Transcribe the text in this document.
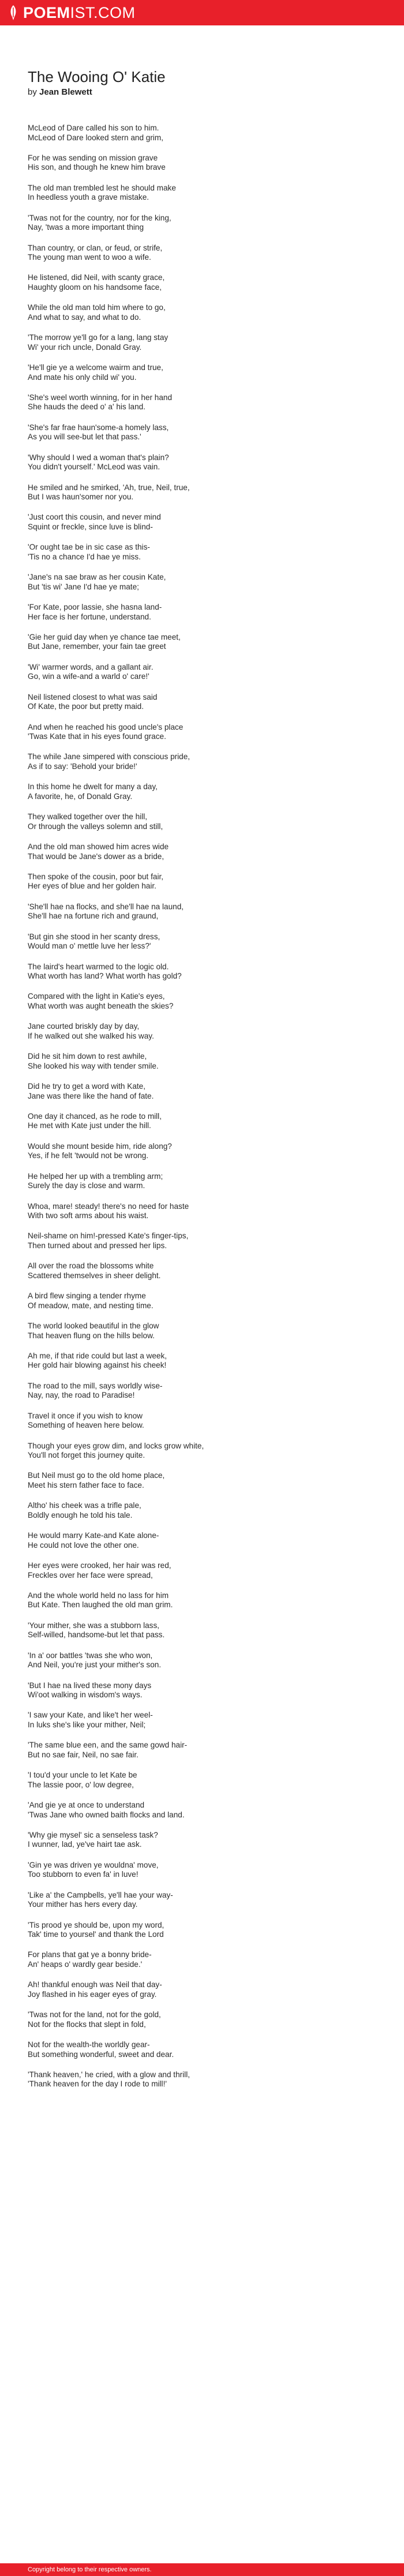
POEMIST.COM
The Wooing O' Katie
by Jean Blewett
McLeod of Dare called his son to him.
McLeod of Dare looked stern and grim,
For he was sending on mission grave
His son, and though he knew him brave
The old man trembled lest he should make
In heedless youth a grave mistake.
'Twas not for the country, nor for the king,
Nay, 'twas a more important thing
Than country, or clan, or feud, or strife,
The young man went to woo a wife.
He listened, did Neil, with scanty grace,
Haughty gloom on his handsome face,
While the old man told him where to go,
And what to say, and what to do.
'The morrow ye'll go for a lang, lang stay
Wi' your rich uncle, Donald Gray.
'He'll gie ye a welcome wairm and true,
And mate his only child wi' you.
'She's weel worth winning, for in her hand
She hauds the deed o' a' his land.
'She's far frae haun'some-a homely lass,
As you will see-but let that pass.'
'Why should I wed a woman that's plain?
You didn't yourself.' McLeod was vain.
He smiled and he smirked, 'Ah, true, Neil, true,
But I was haun'somer nor you.
'Just coort this cousin, and never mind
Squint or freckle, since luve is blind-
'Or ought tae be in sic case as this-
'Tis no a chance I'd hae ye miss.
'Jane's na sae braw as her cousin Kate,
But 'tis wi' Jane I'd hae ye mate;
'For Kate, poor lassie, she hasna land-
Her face is her fortune, understand.
'Gie her guid day when ye chance tae meet,
But Jane, remember, your fain tae greet
'Wi' warmer words, and a gallant air.
Go, win a wife-and a warld o' care!'
Neil listened closest to what was said
Of Kate, the poor but pretty maid.
And when he reached his good uncle's place
'Twas Kate that in his eyes found grace.
The while Jane simpered with conscious pride,
As if to say: 'Behold your bride!'
In this home he dwelt for many a day,
A favorite, he, of Donald Gray.
They walked together over the hill,
Or through the valleys solemn and still,
And the old man showed him acres wide
That would be Jane's dower as a bride,
Then spoke of the cousin, poor but fair,
Her eyes of blue and her golden hair.
'She'll hae na flocks, and she'll hae na laund,
She'll hae na fortune rich and graund,
'But gin she stood in her scanty dress,
Would man o' mettle luve her less?'
The laird's heart warmed to the logic old.
What worth has land? What worth has gold?
Compared with the light in Katie's eyes,
What worth was aught beneath the skies?
Jane courted briskly day by day,
If he walked out she walked his way.
Did he sit him down to rest awhile,
She looked his way with tender smile.
Did he try to get a word with Kate,
Jane was there like the hand of fate.
One day it chanced, as he rode to mill,
He met with Kate just under the hill.
Would she mount beside him, ride along?
Yes, if he felt 'twould not be wrong.
He helped her up with a trembling arm;
Surely the day is close and warm.
Whoa, mare! steady! there's no need for haste
With two soft arms about his waist.
Neil-shame on him!-pressed Kate's finger-tips,
Then turned about and pressed her lips.
All over the road the blossoms white
Scattered themselves in sheer delight.
A bird flew singing a tender rhyme
Of meadow, mate, and nesting time.
The world looked beautiful in the glow
That heaven flung on the hills below.
Ah me, if that ride could but last a week,
Her gold hair blowing against his cheek!
The road to the mill, says worldly wise-
Nay, nay, the road to Paradise!
Travel it once if you wish to know
Something of heaven here below.
Though your eyes grow dim, and locks grow white,
You'll not forget this journey quite.
But Neil must go to the old home place,
Meet his stern father face to face.
Altho' his cheek was a trifle pale,
Boldly enough he told his tale.
He would marry Kate-and Kate alone-
He could not love the other one.
Her eyes were crooked, her hair was red,
Freckles over her face were spread,
And the whole world held no lass for him
But Kate. Then laughed the old man grim.
'Your mither, she was a stubborn lass,
Self-willed, handsome-but let that pass.
'In a' oor battles 'twas she who won,
And Neil, you're just your mither's son.
'But I hae na lived these mony days
Wi'oot walking in wisdom's ways.
'I saw your Kate, and like't her weel-
In luks she's like your mither, Neil;
'The same blue een, and the same gowd hair-
But no sae fair, Neil, no sae fair.
'I tou'd your uncle to let Kate be
The lassie poor, o' low degree,
'And gie ye at once to understand
'Twas Jane who owned baith flocks and land.
'Why gie mysel' sic a senseless task?
I wunner, lad, ye've hairt tae ask.
'Gin ye was driven ye wouldna' move,
Too stubborn to even fa' in luve!
'Like a' the Campbells, ye'll hae your way-
Your mither has hers every day.
'Tis prood ye should be, upon my word,
Tak' time to yoursel' and thank the Lord
For plans that gat ye a bonny bride-
An' heaps o' wardly gear beside.'
Ah! thankful enough was Neil that day-
Joy flashed in his eager eyes of gray.
'Twas not for the land, not for the gold,
Not for the flocks that slept in fold,
Not for the wealth-the worldly gear-
But something wonderful, sweet and dear.
'Thank heaven,' he cried, with a glow and thrill,
'Thank heaven for the day I rode to mill!'
Copyright belong to their respective owners.
